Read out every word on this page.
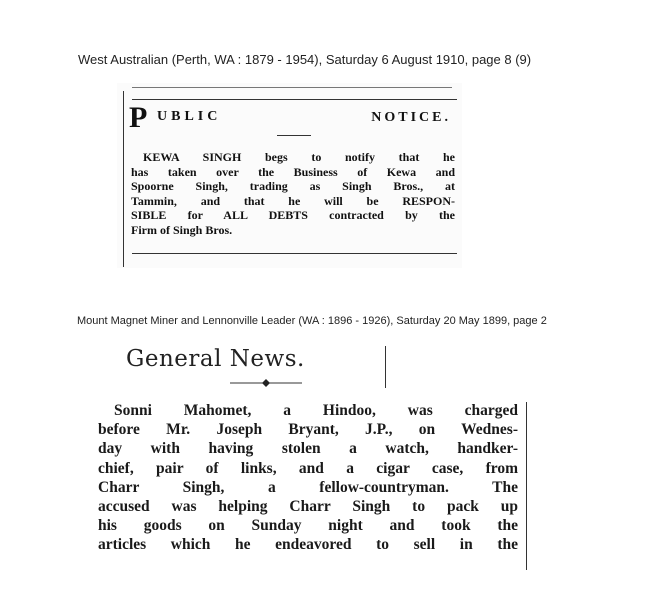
West Australian (Perth, WA : 1879 - 1954), Saturday 6 August 1910, page 8 (9)
P UBLIC	NOTICE.
KEWA SINGH begs to notify that he
has taken over the Business of Kewa and
Spoorne Singh, trading as Singh Bros., at
Tammin, and that he will be RESPON-
SIBLE for ALL DEBTS contracted by the
Firm of Singh Bros.
Mount Magnet Miner and Lennonville Leader (WA : 1896 - 1926), Saturday 20 May 1899, page 2
General News.
Sonni Mahomet, a Hindoo, was charged
before Mr. Joseph Bryant, J.P., on Wednes-
day with having stolen a watch, handker-
chief, pair of links, and a cigar case, from
Charr Singh, a fellow-countryman. The
accused was helping Charr Singh to pack up
his goods on Sunday night and took the
articles which he endeavored to sell in the
